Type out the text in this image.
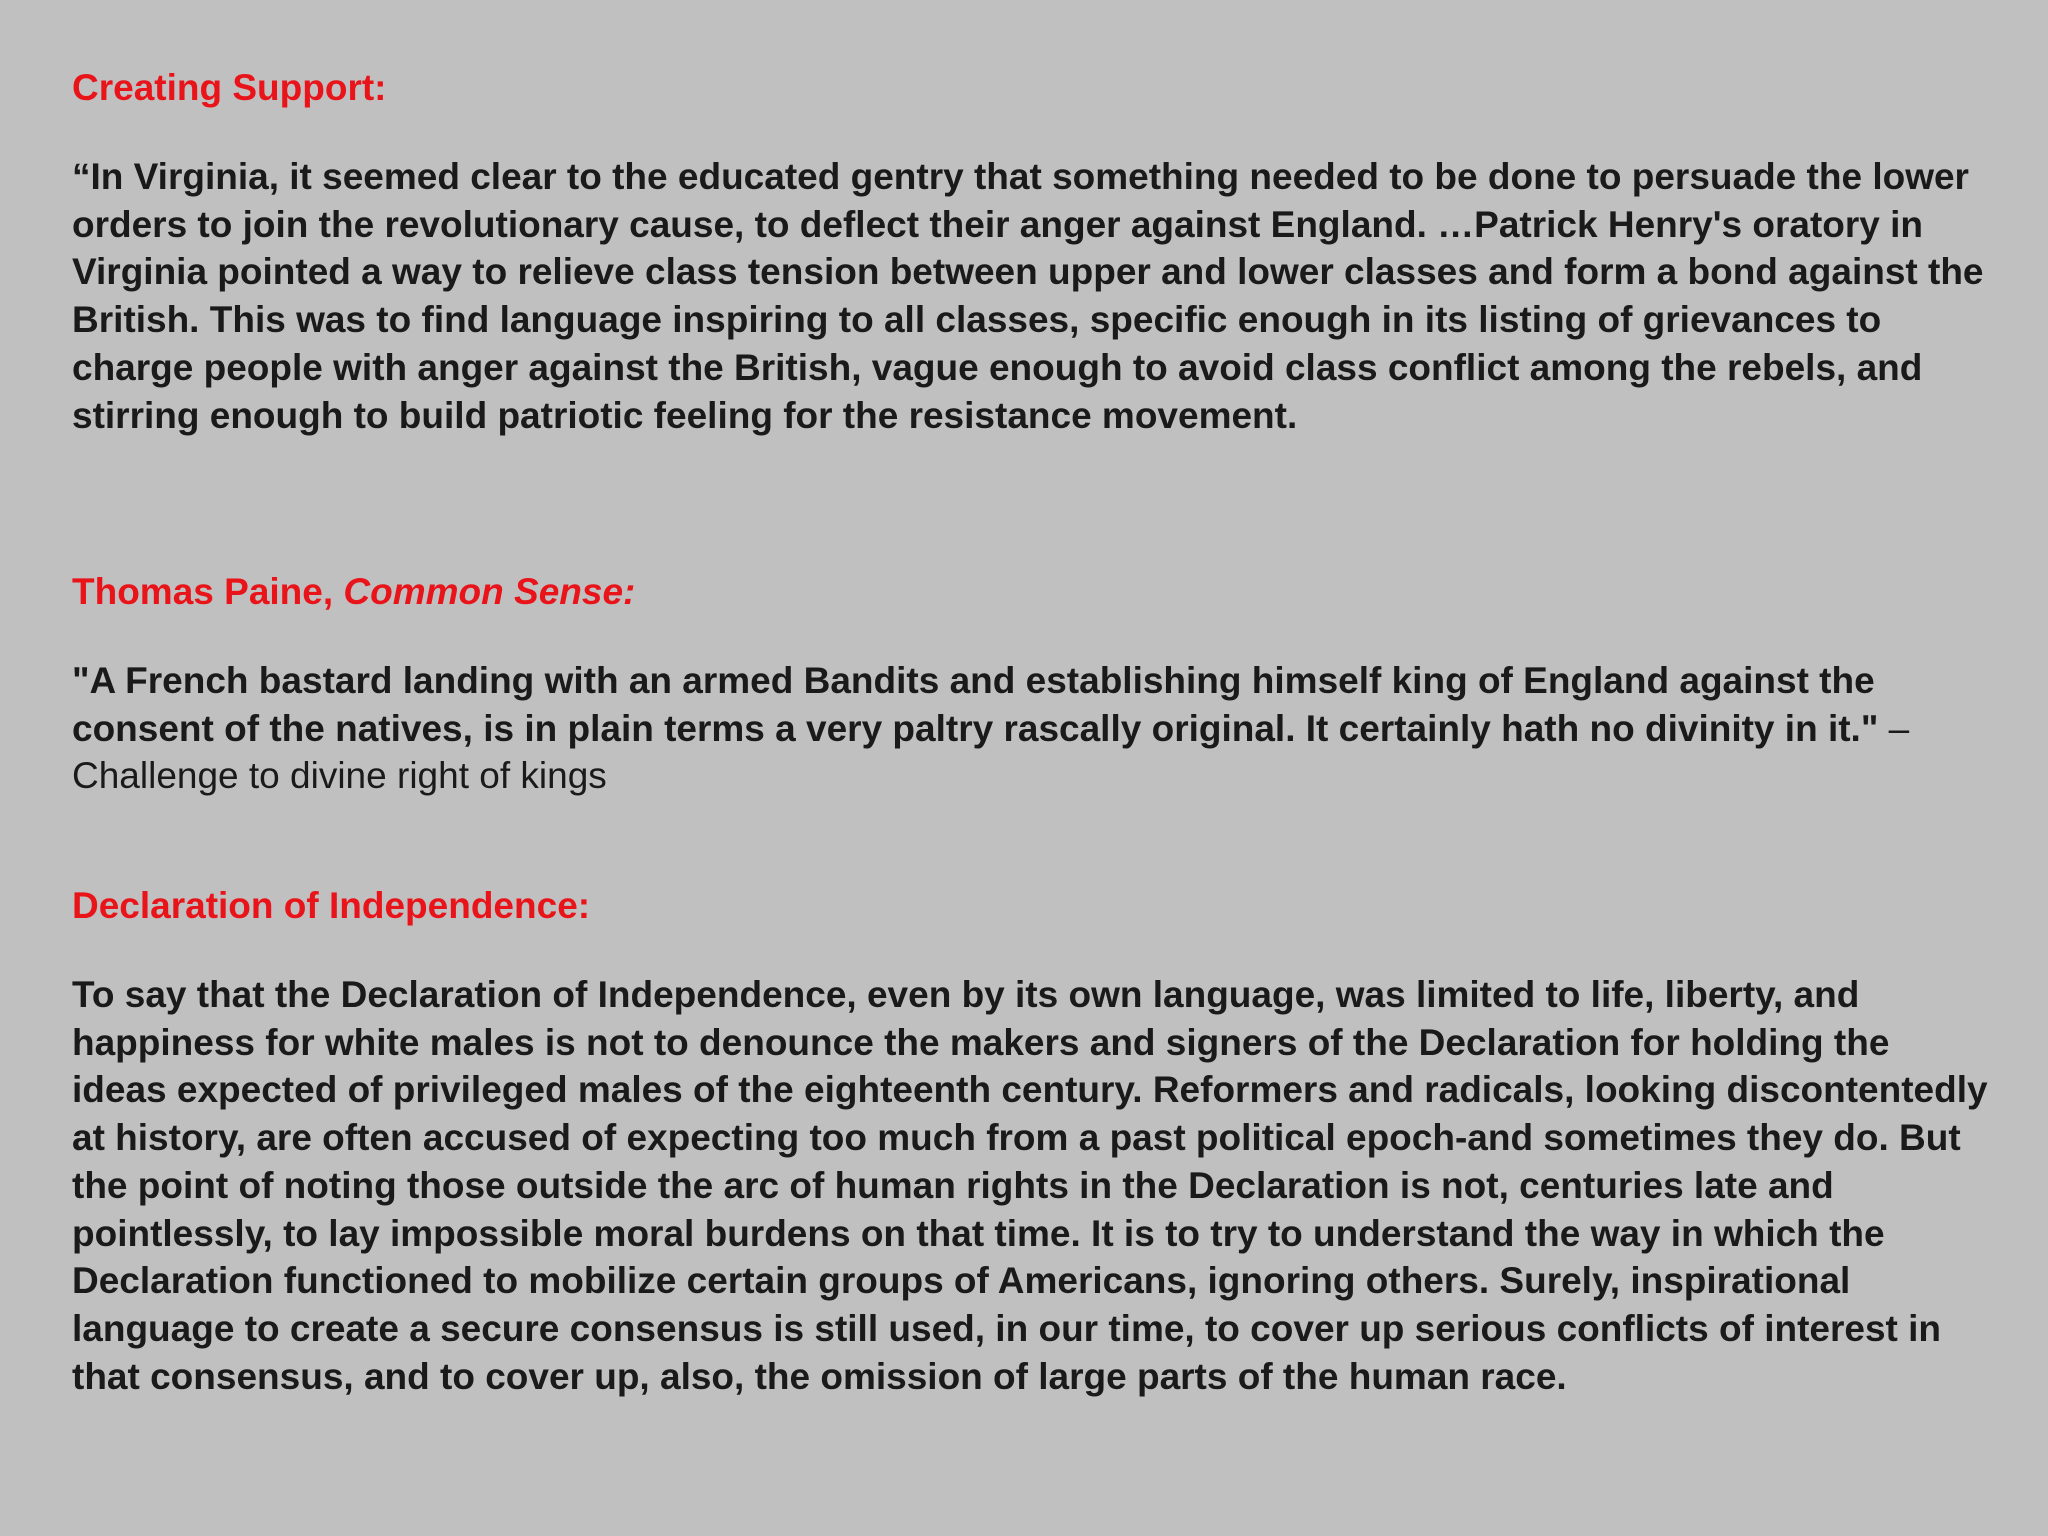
Creating Support:

“In Virginia, it seemed clear to the educated gentry that something needed to be done to persuade the lower orders to join the revolutionary cause, to deflect their anger against England. …Patrick Henry's oratory in Virginia pointed a way to relieve class tension between upper and lower classes and form a bond against the British. This was to find language inspiring to all classes, specific enough in its listing of grievances to charge people with anger against the British, vague enough to avoid class conflict among the rebels, and stirring enough to build patriotic feeling for the resistance movement.

Thomas Paine, Common Sense:

"A French bastard landing with an armed Bandits and establishing himself king of England against the consent of the natives, is in plain terms a very paltry rascally original. It certainly hath no divinity in it." – Challenge to divine right of kings

Declaration of Independence:

To say that the Declaration of Independence, even by its own language, was limited to life, liberty, and happiness for white males is not to denounce the makers and signers of the Declaration for holding the ideas expected of privileged males of the eighteenth century. Reformers and radicals, looking discontentedly at history, are often accused of expecting too much from a past political epoch-and sometimes they do. But the point of noting those outside the arc of human rights in the Declaration is not, centuries late and pointlessly, to lay impossible moral burdens on that time. It is to try to understand the way in which the Declaration functioned to mobilize certain groups of Americans, ignoring others. Surely, inspirational language to create a secure consensus is still used, in our time, to cover up serious conflicts of interest in that consensus, and to cover up, also, the omission of large parts of the human race.
